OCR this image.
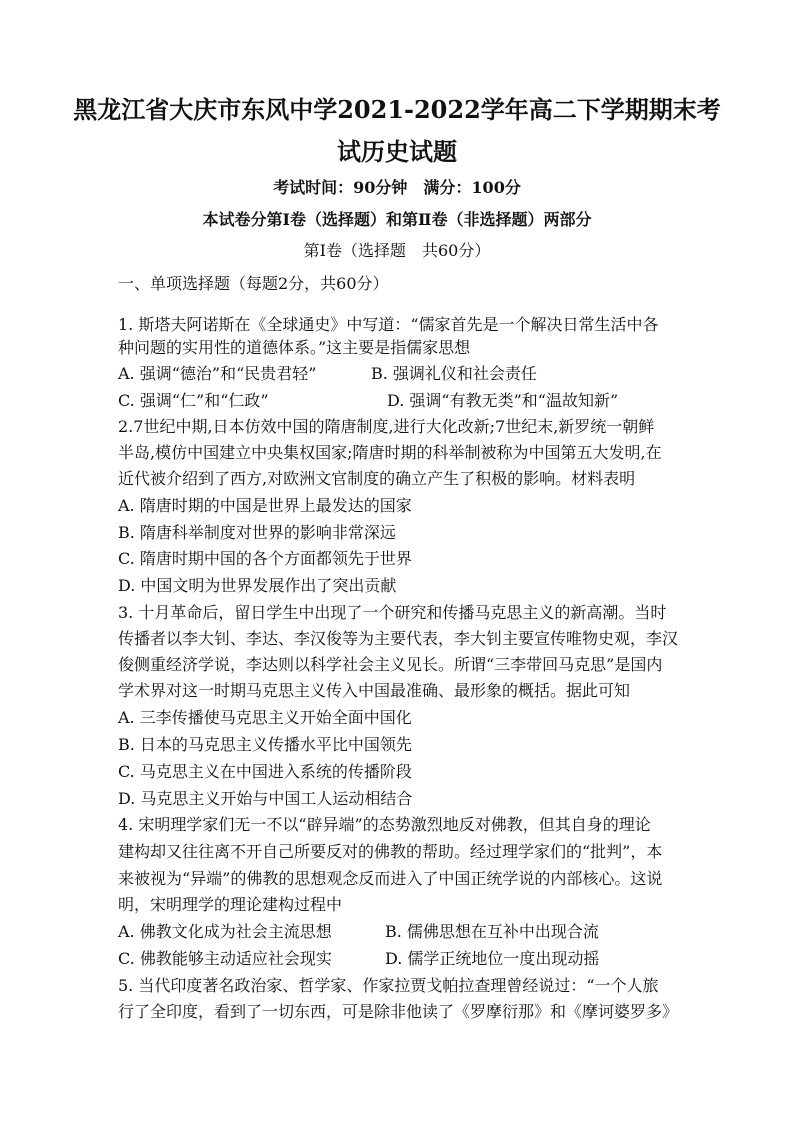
黑龙江省大庆市东风中学2021-2022学年高二下学期期末考
试历史试题
考试时间：90分钟　满分：100分
本试卷分第Ⅰ卷（选择题）和第Ⅱ卷（非选择题）两部分
第Ⅰ卷（选择题　共60分）
一、单项选择题（每题2分，共60分）
1. 斯塔夫阿诺斯在《全球通史》中写道：“儒家首先是一个解决日常生活中各
种问题的实用性的道德体系。”这主要是指儒家思想
A. 强调“德治”和“民贵君轻”	B. 强调礼仪和社会责任
C. 强调“仁”和“仁政”	D. 强调“有教无类”和“温故知新”
2.7世纪中期,日本仿效中国的隋唐制度,进行大化改新;7世纪末,新罗统一朝鲜
半岛,模仿中国建立中央集权国家;隋唐时期的科举制被称为中国第五大发明,在
近代被介绍到了西方,对欧洲文官制度的确立产生了积极的影响。材料表明
A. 隋唐时期的中国是世界上最发达的国家
B. 隋唐科举制度对世界的影响非常深远
C. 隋唐时期中国的各个方面都领先于世界
D. 中国文明为世界发展作出了突出贡献
3. 十月革命后，留日学生中出现了一个研究和传播马克思主义的新高潮。当时
传播者以李大钊、李达、李汉俊等为主要代表，李大钊主要宣传唯物史观，李汉
俊侧重经济学说，李达则以科学社会主义见长。所谓“三李带回马克思”是国内
学术界对这一时期马克思主义传入中国最准确、最形象的概括。据此可知
A. 三李传播使马克思主义开始全面中国化
B. 日本的马克思主义传播水平比中国领先
C. 马克思主义在中国进入系统的传播阶段
D. 马克思主义开始与中国工人运动相结合
4. 宋明理学家们无一不以“辟异端”的态势激烈地反对佛教，但其自身的理论
建构却又往往离不开自己所要反对的佛教的帮助。经过理学家们的“批判”，本
来被视为“异端”的佛教的思想观念反而进入了中国正统学说的内部核心。这说
明，宋明理学的理论建构过程中
A. 佛教文化成为社会主流思想	B. 儒佛思想在互补中出现合流
C. 佛教能够主动适应社会现实	D. 儒学正统地位一度出现动摇
5. 当代印度著名政治家、哲学家、作家拉贾戈帕拉查理曾经说过：“一个人旅
行了全印度，看到了一切东西，可是除非他读了《罗摩衍那》和《摩诃婆罗多》
